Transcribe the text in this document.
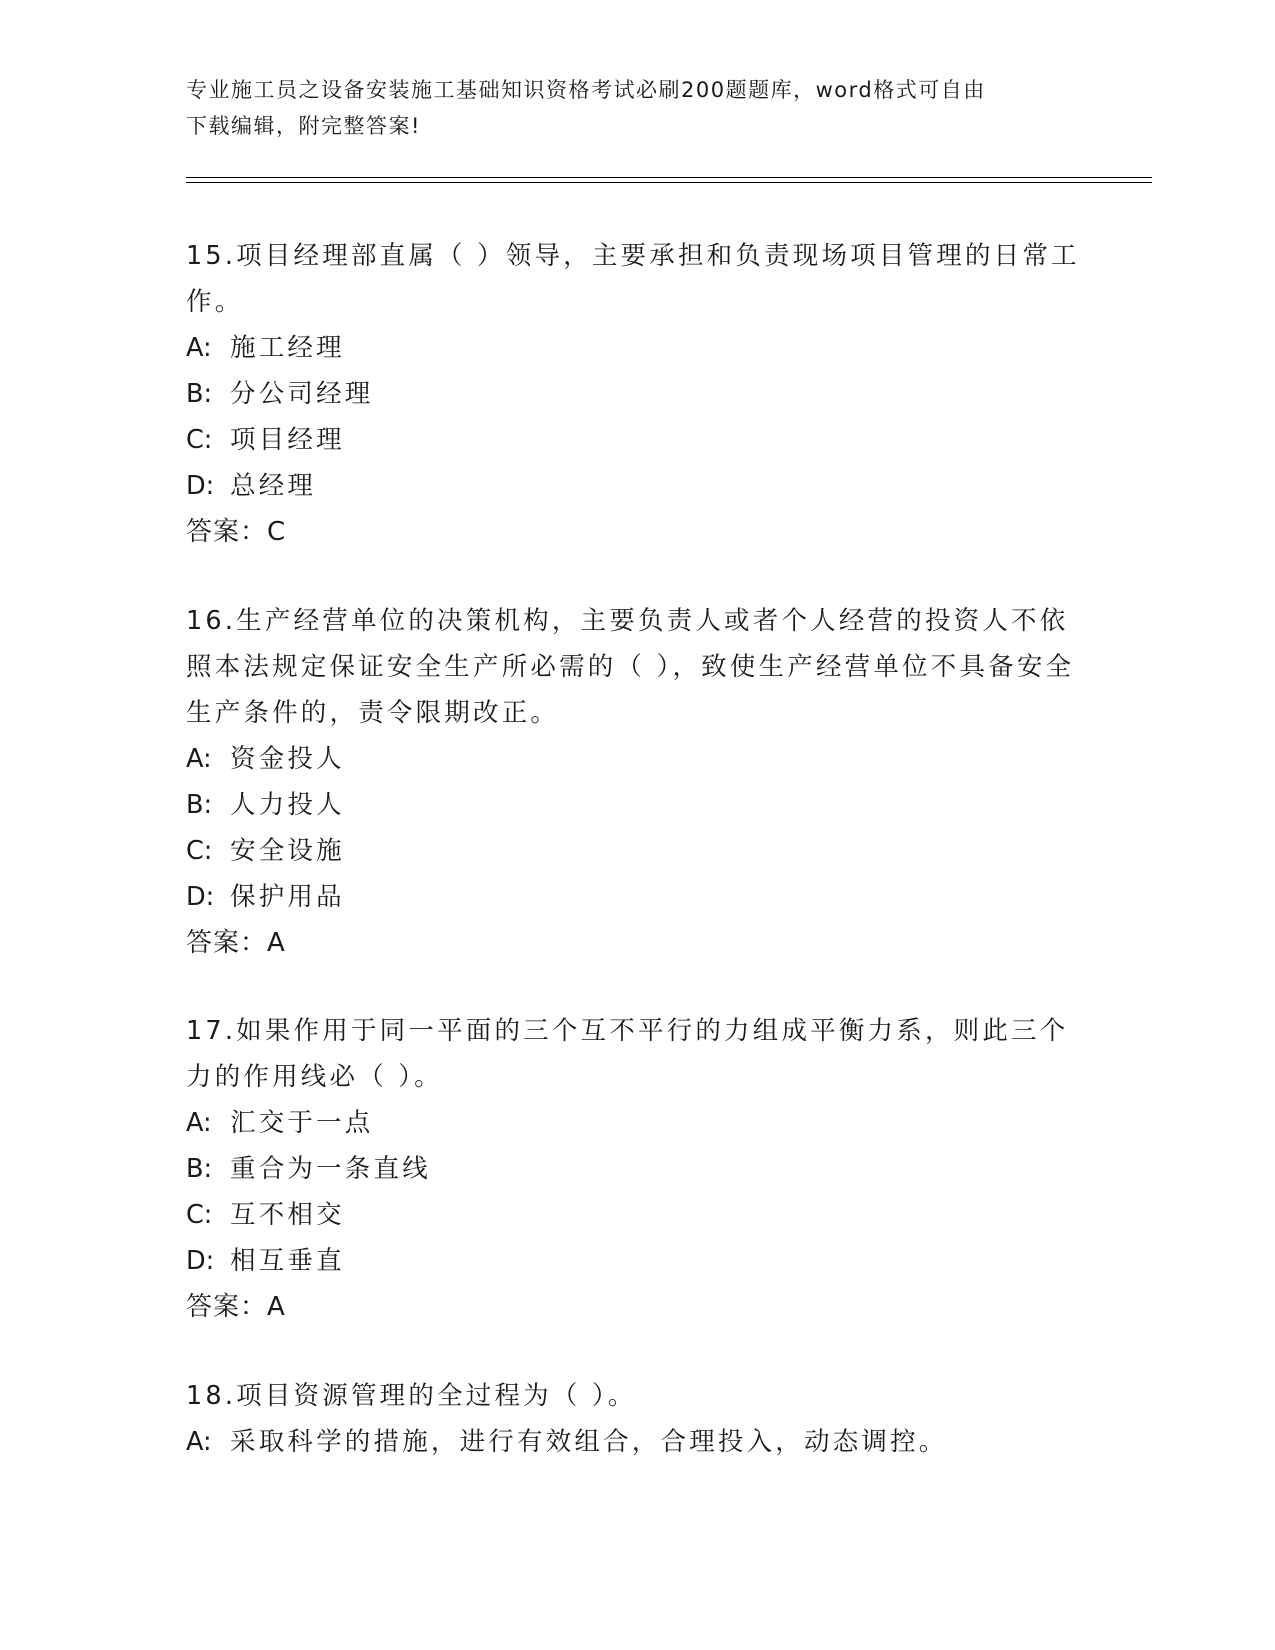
专业施工员之设备安装施工基础知识资格考试必刷200题题库，word格式可自由
下载编辑，附完整答案!

15.项目经理部直属（ ）领导，主要承担和负责现场项目管理的日常工作。

A: 施工经理

B: 分公司经理

C: 项目经理

D: 总经理

答案：C

16.生产经营单位的决策机构，主要负责人或者个人经营的投资人不依照本法规定保证安全生产所必需的（ ），致使生产经营单位不具备安全生产条件的，责令限期改正。

A: 资金投人

B: 人力投人

C: 安全设施

D: 保护用品

答案：A

17.如果作用于同一平面的三个互不平行的力组成平衡力系，则此三个力的作用线必（ ）。

A: 汇交于一点

B: 重合为一条直线

C: 互不相交

D: 相互垂直

答案：A

18.项目资源管理的全过程为（ ）。

A: 采取科学的措施，进行有效组合，合理投入，动态调控。
